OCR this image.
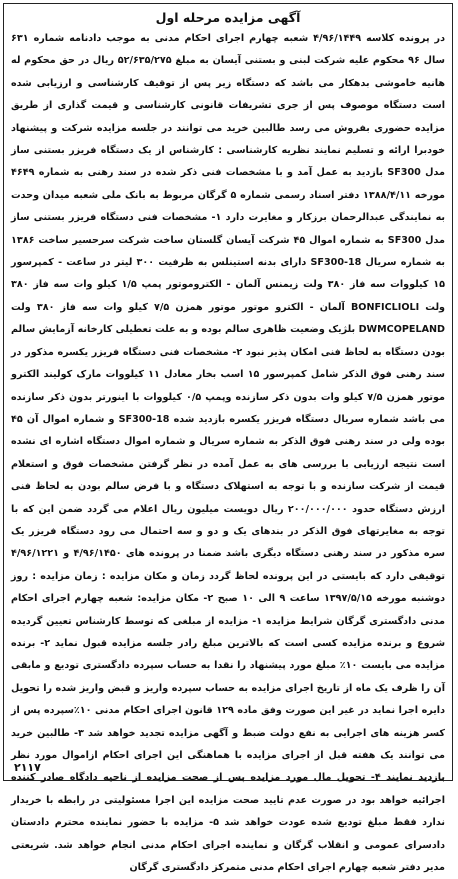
آگهی مزایده مرحله اول

در پرونده کلاسه ۴/۹۶/۱۴۴۹ شعبه چهارم اجرای احکام مدنی به موجب دادنامه شماره ۶۳۱ سال ۹۶ محکوم علیه شرکت لبنی و بستنی آیسان به مبلغ ۵۲/۶۳۵/۲۷۵ ریال در حق محکوم له هانیه خاموشی بدهکار می باشد که دستگاه زیر پس از توقیف کارشناسی و ارزیابی شده است دستگاه موصوف پس از جری تشریفات قانونی کارشناسی و قیمت گذاری از طریق مزایده حضوری بفروش می رسد طالبین خرید می توانند در جلسه مزایده شرکت و پیشنهاد خودبرا ارائه و تسلیم نمایند نظریه کارشناسی : کارشناس از یک دستگاه فریزر بستنی ساز مدل SF300 بازدید به عمل آمد و با مشخصات فنی ذکر شده در سند رهنی به شماره ۴۶۴۹ مورخه ۱۳۸۸/۴/۱۱ دفتر اسناد رسمی شماره ۵ گرگان مربوط به بانک ملی شعبه میدان وحدت به نمایندگی عبدالرحمان برزکار و مغایرت دارد ۱- مشخصات فنی دستگاه فریزر بستنی ساز مدل SF300 به شماره اموال ۴۵ شرکت آیسان گلستان ساخت شرکت سرحسیر ساخت ۱۳۸۶ به شماره سریال SF300-18 دارای بدنه استینلس به ظرفیت ۳۰۰ لیتر در ساعت - کمپرسور ۱۵ کیلووات سه فاز ۳۸۰ ولت زیمنس آلمان - الکتروموتور پمپ ۱/۵ کیلو وات سه فاز ۳۸۰ ولت BONFICLIOLI آلمان - الکترو موتور موتور همزن ۷/۵ کیلو وات سه فاز ۳۸۰ ولت DWMCOPELAND بلژیک وضعیت ظاهری سالم بوده و به علت تعطیلی کارخانه آزمایش سالم بودن دستگاه به لحاظ فنی امکان پذیر نبود ۲- مشخصات فنی دستگاه فریزر یکسره مذکور در سند رهنی فوق الذکر شامل کمپرسور ۱۵ اسب بخار معادل ۱۱ کیلووات مارک کولیند الکترو موتور همزن ۷/۵ کیلو وات بدون ذکر سازنده وپمپ ۰/۵ کیلووات با اینورتر بدون ذکر سازنده می باشد شماره سریال دستگاه فریزر یکسره بازدید شده SF300-18 و شماره اموال آن ۴۵ بوده ولی در سند رهنی فوق الذکر به شماره سریال و شماره اموال دستگاه اشاره ای نشده است نتیجه ارزیابی با بررسی های به عمل آمده در نظر گرفتن مشخصات فوق و استعلام قیمت از شرکت سازنده و با توجه به استهلاک دستگاه و با فرض سالم بودن به لحاظ فنی ارزش دستگاه حدود ۲۰۰/۰۰۰/۰۰۰ ریال دویست میلیون ریال اعلام می گردد ضمن این که با توجه به مغایرتهای فوق الذکر در بندهای یک و دو و سه احتمال می رود دستگاه فریزر یک سره مذکور در سند رهنی دستگاه دیگری باشد ضمنا در پرونده های ۴/۹۶/۱۴۵۰ و ۴/۹۶/۱۲۲۱ توقیفی دارد که بایستی در این پرونده لحاظ گردد زمان و مکان مزایده : زمان مزایده : روز دوشنبه مورخه ۱۳۹۷/۵/۱۵ ساعت ۹ الی ۱۰ صبح ۲- مکان مزایده: شعبه چهارم اجرای احکام مدنی دادگستری گرگان شرایط مزایده ۱- مزایده از مبلغی که توسط کارشناس تعیین گردیده شروع و برنده مزایده کسی است که بالاترین مبلغ رادر جلسه مزایده قبول نماید ۲- برنده مزایده می بایست ۱۰٪ مبلغ مورد پیشنهاد را نقدا به حساب سپرده دادگستری تودیع و مابقی آن را ظرف یک ماه از تاریخ اجرای مزایده به حساب سپرده واریز و قبض واریز شده را تحویل دایره اجرا نماید در غیر این صورت وفق ماده ۱۲۹ قانون اجرای احکام مدنی ۱۰٪سپرده پس از کسر هزینه های اجرایی به نفع دولت ضبط و آگهی مزایده تجدید خواهد شد ۳- طالبین خرید می توانند یک هفته قبل از اجرای مزایده با هماهنگی این اجرای احکام ازاموال مورد نظر بازدید نمایند ۴- تحویل مال مورد مزایده پس از صحت مزایده از ناحیه دادگاه صادر کننده اجرائیه خواهد بود در صورت عدم تایید صحت مزایده این اجرا مسئولیتی در رابطه با خریدار ندارد فقط مبلغ تودیع شده عودت خواهد شد ۵- مزایده با حضور نماینده محترم دادستان دادسرای عمومی و انقلاب گرگان و نماینده اجرای احکام مدنی انجام خواهد شد. شریعتی مدیر دفتر شعبه چهارم اجرای احکام مدنی متمرکز دادگستری گرگان

۲۱۱۷
